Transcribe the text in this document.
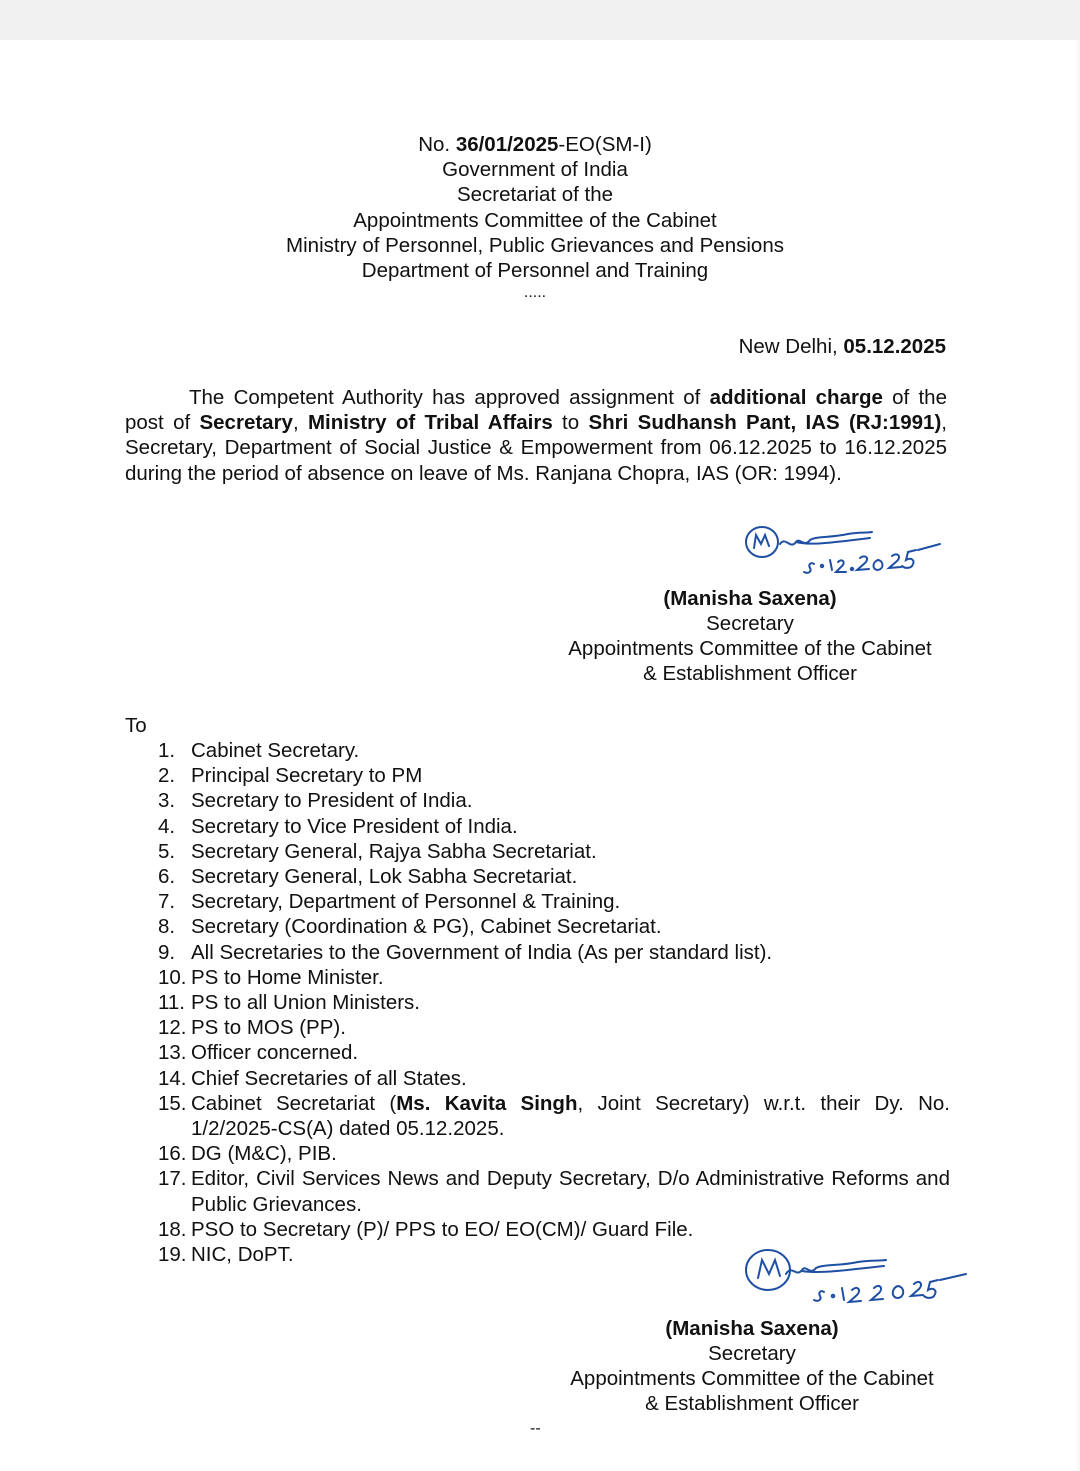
No. 36/01/2025-EO(SM-I)
Government of India
Secretariat of the
Appointments Committee of the Cabinet
Ministry of Personnel, Public Grievances and Pensions
Department of Personnel and Training
.....
New Delhi, 05.12.2025
The Competent Authority has approved assignment of additional charge of the post of Secretary, Ministry of Tribal Affairs to Shri Sudhansh Pant, IAS (RJ:1991), Secretary, Department of Social Justice & Empowerment from 06.12.2025 to 16.12.2025 during the period of absence on leave of Ms. Ranjana Chopra, IAS (OR: 1994).
(Manisha Saxena)
Secretary
Appointments Committee of the Cabinet
& Establishment Officer
To
1. Cabinet Secretary.
2. Principal Secretary to PM
3. Secretary to President of India.
4. Secretary to Vice President of India.
5. Secretary General, Rajya Sabha Secretariat.
6. Secretary General, Lok Sabha Secretariat.
7. Secretary, Department of Personnel & Training.
8. Secretary (Coordination & PG), Cabinet Secretariat.
9. All Secretaries to the Government of India (As per standard list).
10. PS to Home Minister.
11. PS to all Union Ministers.
12. PS to MOS (PP).
13. Officer concerned.
14. Chief Secretaries of all States.
15. Cabinet Secretariat (Ms. Kavita Singh, Joint Secretary) w.r.t. their Dy. No. 1/2/2025-CS(A) dated 05.12.2025.
16. DG (M&C), PIB.
17. Editor, Civil Services News and Deputy Secretary, D/o Administrative Reforms and Public Grievances.
18. PSO to Secretary (P)/ PPS to EO/ EO(CM)/ Guard File.
19. NIC, DoPT.
(Manisha Saxena)
Secretary
Appointments Committee of the Cabinet
& Establishment Officer
--
